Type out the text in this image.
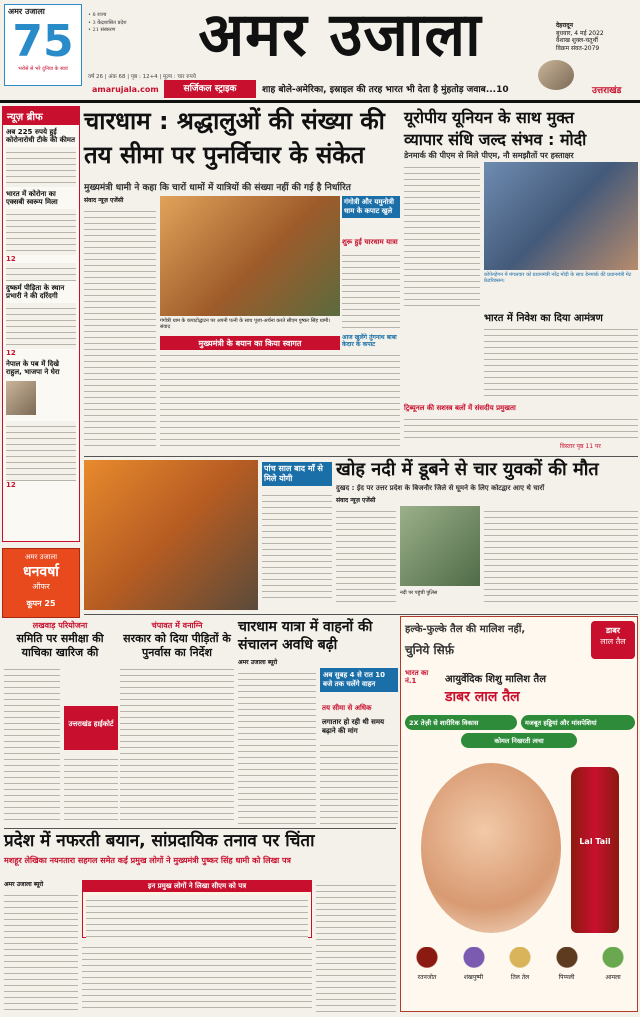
अमर उजाला
75
भरोसे से भरे दुनिया के स्वयं
• 8 राज्य
• 3 केंद्रशासित प्रदेश
• 21 संस्करण	अमर उजाला	देहरादून
बुधवार, 4 मई 2022
वैशाख शुक्ल-चतुर्थी
विक्रम संवत-2079
वर्ष 26 | अंक 68 | पृष्ठ : 12+4 | मूल्य : चार रुपये
amarujala.com	सर्जिकल स्ट्राइक	शाह बोले-अमेरिका, इस्राइल की तरह भारत भी देता है मुंहतोड़ जवाब...10	उत्तराखंड
न्यूज़ ब्रीफ
अब 225 रुपये हुई कोरोनारोधी टीके की कीमत
भारत में कोरोना का एक्सबी स्वरूप मिला
12
दुष्कर्म पीड़िता के स्थान प्रभारी ने की दरिंदगी
12
नेपाल के पब में दिखे राहुल, भाजपा ने घेरा
12
अमर उजाला
धनवर्षा
ऑफर
कूपन 25
चारधाम : श्रद्धालुओं की संख्या की
तय सीमा पर पुनर्विचार के संकेत
मुख्यमंत्री धामी ने कहा कि चारों धामों में यात्रियों की संख्या नहीं की गई है निर्धारित
संवाद न्यूज़ एजेंसी	गंगोत्री और यमुनोत्री धाम के कपाट खुले
शुरू हुई चारधाम यात्रा
आज खुलेंगे तुंगनाथ बाबा केदार के कपाट
गंगोत्री धाम के कपाटोद्घाटन पर अपनी पत्नी के साथ पूजा-अर्चना करते सीएम पुष्कर सिंह धामी। संवाद
मुख्यमंत्री के बयान का किया स्वागत
यूरोपीय यूनियन के साथ मुक्त
व्यापार संधि जल्द संभव : मोदी
डेनमार्क की पीएम से मिले पीएम, नौ समझौतों पर हस्ताक्षर
कोपेनहेगन में मंगलवार को प्रधानमंत्री नरेंद्र मोदी के साथ डेनमार्क की प्रधानमंत्री मेट फ्रेडरिक्सन।
भारत में निवेश का दिया आमंत्रण
ट्रिब्यूनल की सशस्त्र बलों में संसदीय प्रमुखता
विस्तार पृष्ठ 11 पर
पांच साल बाद माँ से मिले योगी	खोह नदी में डूबने से चार युवकों की मौत
दुखद : ईद पर उत्तर प्रदेश के बिजनौर जिले से घूमने के लिए कोटद्वार आए थे चारों
संवाद न्यूज़ एजेंसी
नदी पर पहुंची पुलिस
लखवाड़ परियोजना
समिति पर समीक्षा की याचिका खारिज की
उत्तराखंड हाईकोर्ट
चंपावत में वनाग्नि
सरकार को दिया पीड़ितों के पुनर्वास का निर्देश
चारधाम यात्रा में वाहनों की संचालन अवधि बढ़ी
अमर उजाला ब्यूरो
अब सुबह 4 से रात 10 बजे तक चलेंगे वाहन
तय सीमा से अधिक
लगातार हो रही थी समय बढ़ाने की मांग
हल्के-फुल्के तैल की मालिश नहीं,
चुनिये सिर्फ़
डाबर
लाल तैल
भारत का नं.1	आयुर्वेदिक शिशु मालिश तैल
डाबर लाल तैल
2X तेज़ी से शारीरिक विकास	मजबूत हड्डियां और मांसपेशियां
कोमल निखरती त्वचा
Lal Tail
रतनजोत	शंखपुष्पी	तिल तेल	पिप्पली	आमला
प्रदेश में नफरती बयान, सांप्रदायिक तनाव पर चिंता
मशहूर लेखिका नयनतारा सहगल समेत कई प्रमुख लोगों ने मुख्यमंत्री पुष्कर सिंह धामी को लिखा पत्र
अमर उजाला ब्यूरो	इन प्रमुख लोगों ने लिखा सीएम को पत्र
